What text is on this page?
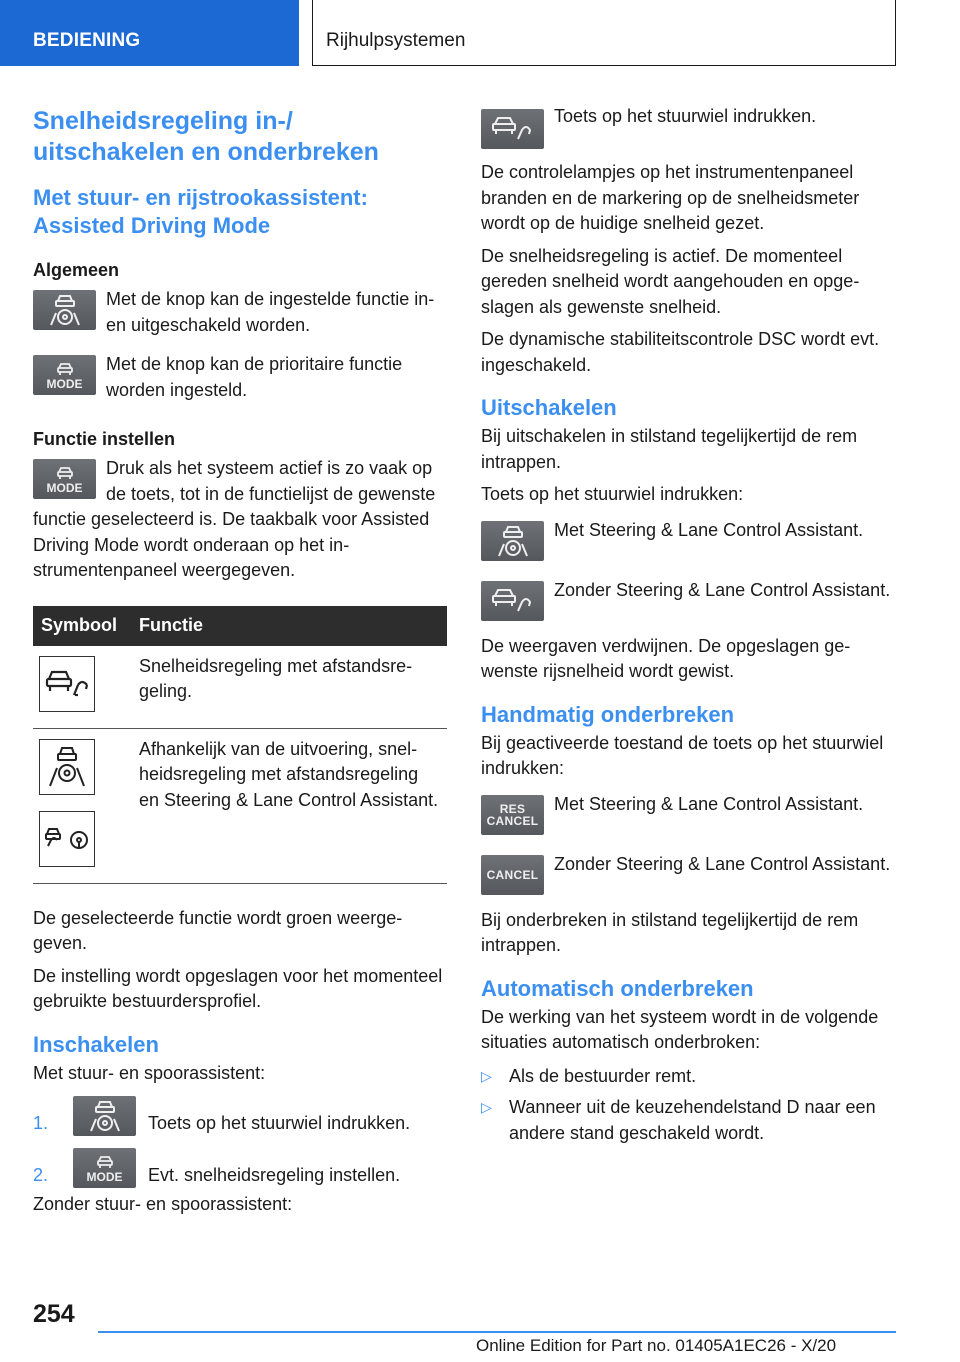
BEDIENING	Rijhulpsystemen
Snelheidsregeling in-/ uitschakelen en onderbreken
Met stuur- en rijstrookassistent: Assisted Driving Mode
Algemeen

Met de knop kan de ingestelde functie in- en uitgeschakeld worden.

MODE

Met de knop kan de prioritaire functie worden ingesteld.

Functie instellen
MODE

Druk als het systeem actief is zo vaak op de toets, tot in de functielijst de gewenste functie geselecteerd is. De taakbalk voor Assisted Driving Mode wordt onderaan op het instrumentenpaneel weergegeven.

Symbool	Functie

	Snelheidsregeling met afstandsregeling.

	Afhankelijk van de uitvoering, snelheidsregeling met afstandsregeling en Steering & Lane Control Assistant.

De geselecteerde functie wordt groen weergegeven.

De instelling wordt opgeslagen voor het momenteel gebruikte bestuurdersprofiel.

Inschakelen

Met stuur- en spoorassistent:

1.	Toets op het stuurwiel indrukken.
2.	MODE Evt. snelheidsregeling instellen.

Zonder stuur- en spoorassistent:

Toets op het stuurwiel indrukken.

De controlelampjes op het instrumentenpaneel branden en de markering op de snelheidsmeter wordt op de huidige snelheid gezet.

De snelheidsregeling is actief. De momenteel gereden snelheid wordt aangehouden en opgeslagen als gewenste snelheid.

De dynamische stabiliteitscontrole DSC wordt evt. ingeschakeld.

Uitschakelen

Bij uitschakelen in stilstand tegelijkertijd de rem intrappen.

Toets op het stuurwiel indrukken:

Met Steering & Lane Control Assistant.

Zonder Steering & Lane Control Assistant.

De weergaven verdwijnen. De opgeslagen gewenste rijsnelheid wordt gewist.

Handmatig onderbreken

Bij geactiveerde toestand de toets op het stuurwiel indrukken:

RES
CANCEL

Met Steering & Lane Control Assistant.

CANCEL

Zonder Steering & Lane Control Assistant.

Bij onderbreken in stilstand tegelijkertijd de rem intrappen.

Automatisch onderbreken

De werking van het systeem wordt in de volgende situaties automatisch onderbroken:

▷ Als de bestuurder remt.
▷ Wanneer uit de keuzehendelstand D naar een andere stand geschakeld wordt.
254
Online Edition for Part no. 01405A1EC26 - X/20
